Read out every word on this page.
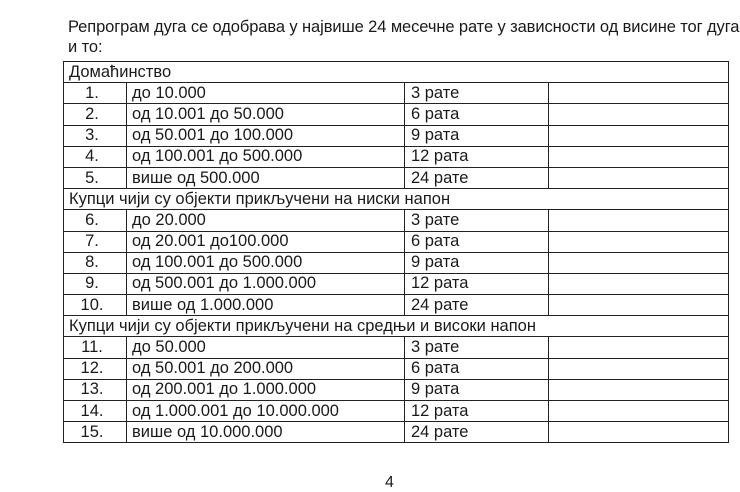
Репрограм дуга се одобрава у највише 24 месечне рате у зависности од висине тог дуга
и то:
Домаћинство			
1.	до 10.000	3 рате	
2.	од 10.001 до 50.000	6 рата	
3.	од 50.001 до 100.000	9 рата	
4.	од 100.001 до 500.000	12 рата	
5.	више од 500.000	24 рате	
Купци чији су објекти прикључени на ниски напон			
6.	до 20.000	3 рате	
7.	од 20.001 до100.000	6 рата	
8.	од 100.001 до 500.000	9 рата	
9.	од 500.001 до 1.000.000	12 рата	
10.	више од 1.000.000	24 рате	
Купци чији су објекти прикључени на средњи и високи напон			
11.	до 50.000	3 рате	
12.	од 50.001 до 200.000	6 рата	
13.	од 200.001 до 1.000.000	9 рата	
14.	од 1.000.001 до 10.000.000	12 рата	
15.	више од 10.000.000	24 рате	
4
